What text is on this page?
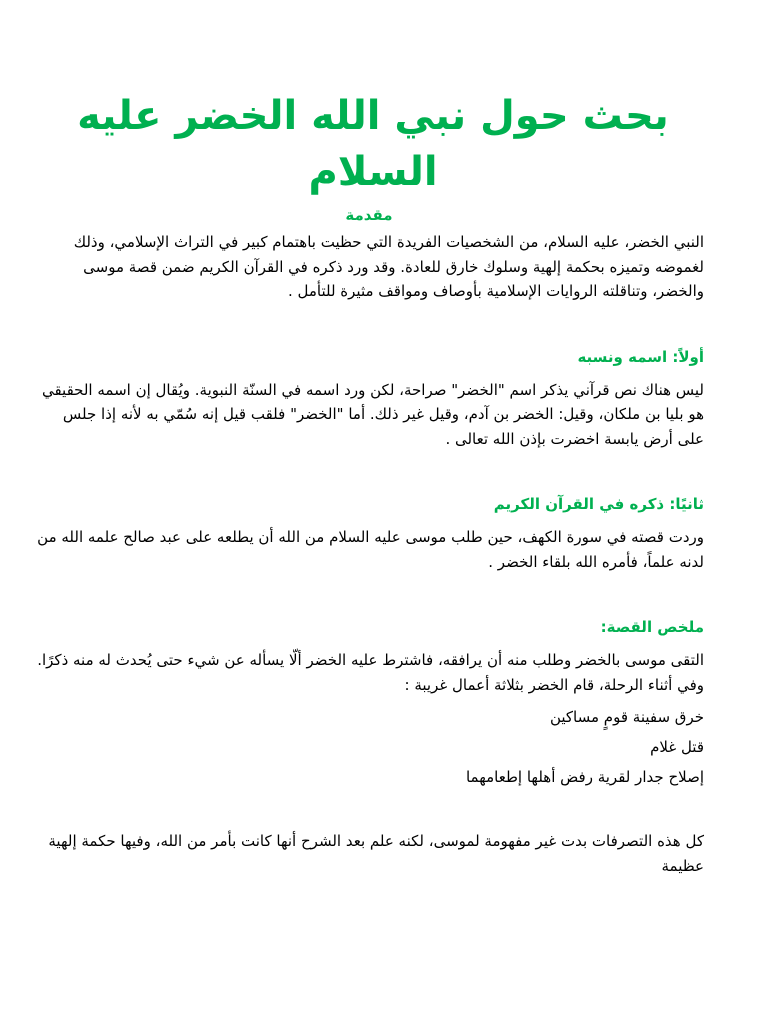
بحث حول نبي الله الخضر عليه
السلام
مقدمة

النبي الخضر، عليه السلام، من الشخصيات الفريدة التي حظيت باهتمام كبير في التراث الإسلامي، وذلك لغموضه وتميزه بحكمة إلهية وسلوك خارق للعادة. وقد ورد ذكره في القرآن الكريم ضمن قصة موسى والخضر، وتناقلته الروايات الإسلامية بأوصاف ومواقف مثيرة للتأمل .

أولاً: اسمه ونسبه

ليس هناك نص قرآني يذكر اسم "الخضر" صراحة، لكن ورد اسمه في السنّة النبوية. ويُقال إن اسمه الحقيقي هو بليا بن ملكان، وقيل: الخضر بن آدم، وقيل غير ذلك. أما "الخضر" فلقب قيل إنه سُمّي به لأنه إذا جلس على أرض يابسة اخضرت بإذن الله تعالى .

ثانيًا: ذكره في القرآن الكريم

وردت قصته في سورة الكهف، حين طلب موسى عليه السلام من الله أن يطلعه على عبد صالح علمه الله من لدنه علماً، فأمره الله بلقاء الخضر .

ملخص القصة:

التقى موسى بالخضر وطلب منه أن يرافقه، فاشترط عليه الخضر ألّا يسأله عن شيء حتى يُحدث له منه ذكرًا. وفي أثناء الرحلة، قام الخضر بثلاثة أعمال غريبة :

خرق سفينة قومٍ مساكين
قتل غلام
إصلاح جدار لقرية رفض أهلها إطعامهما

كل هذه التصرفات بدت غير مفهومة لموسى، لكنه علم بعد الشرح أنها كانت بأمر من الله، وفيها حكمة إلهية عظيمة
